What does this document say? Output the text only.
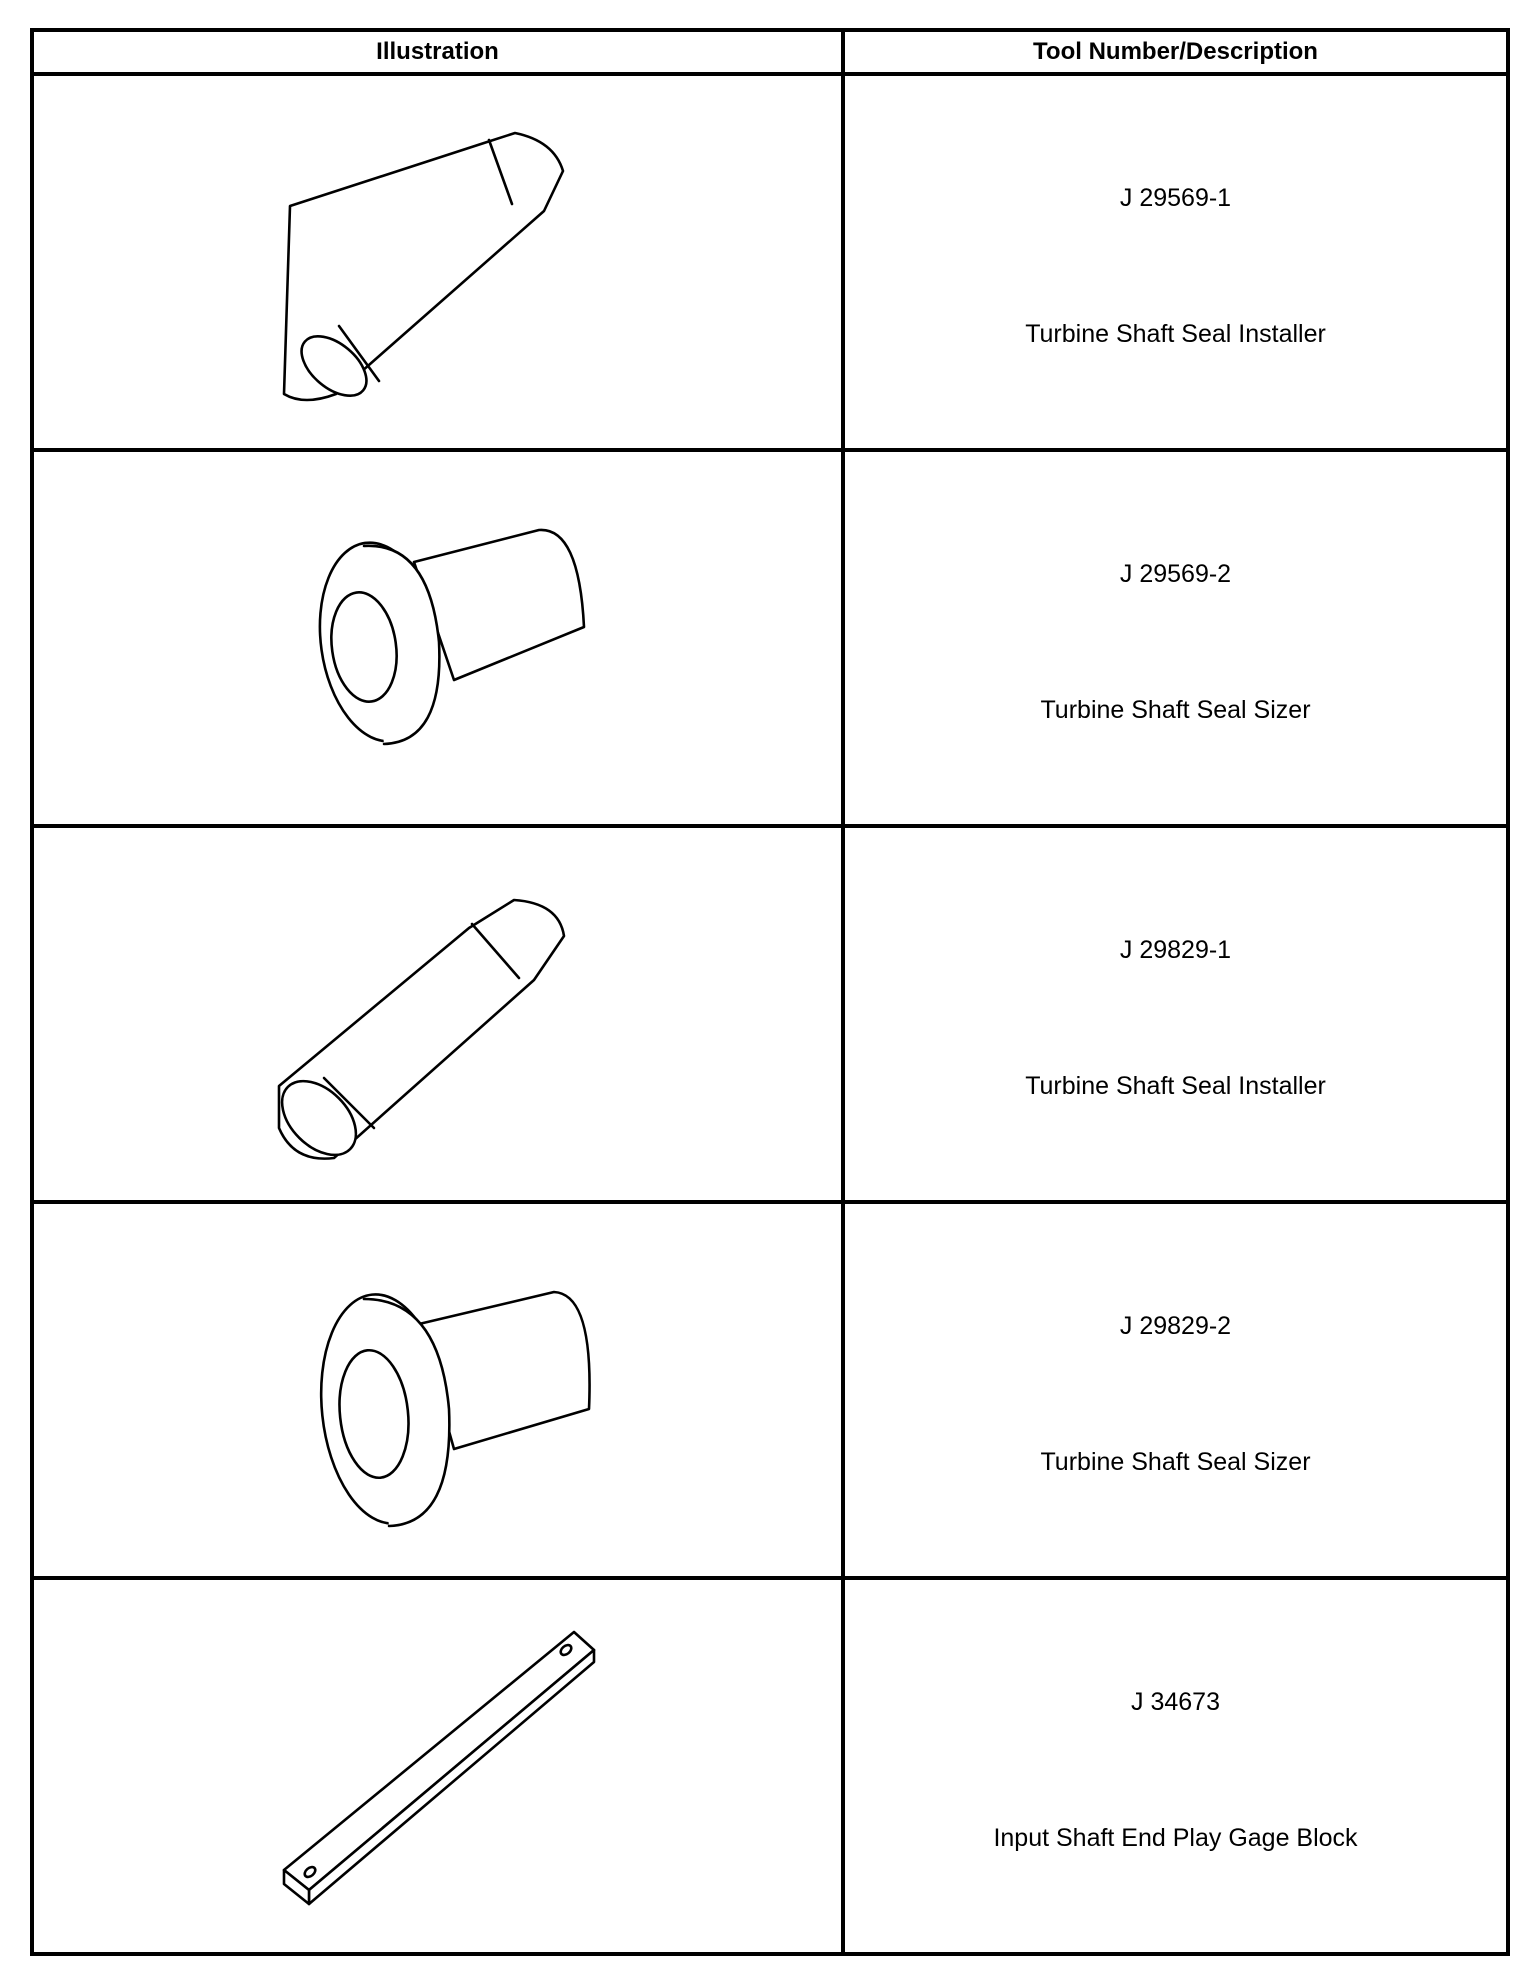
Illustration	Tool Number/Description

J 29569-1
Turbine Shaft Seal Installer

J 29569-2
Turbine Shaft Seal Sizer

J 29829-1
Turbine Shaft Seal Installer

J 29829-2
Turbine Shaft Seal Sizer

J 34673
Input Shaft End Play Gage Block
